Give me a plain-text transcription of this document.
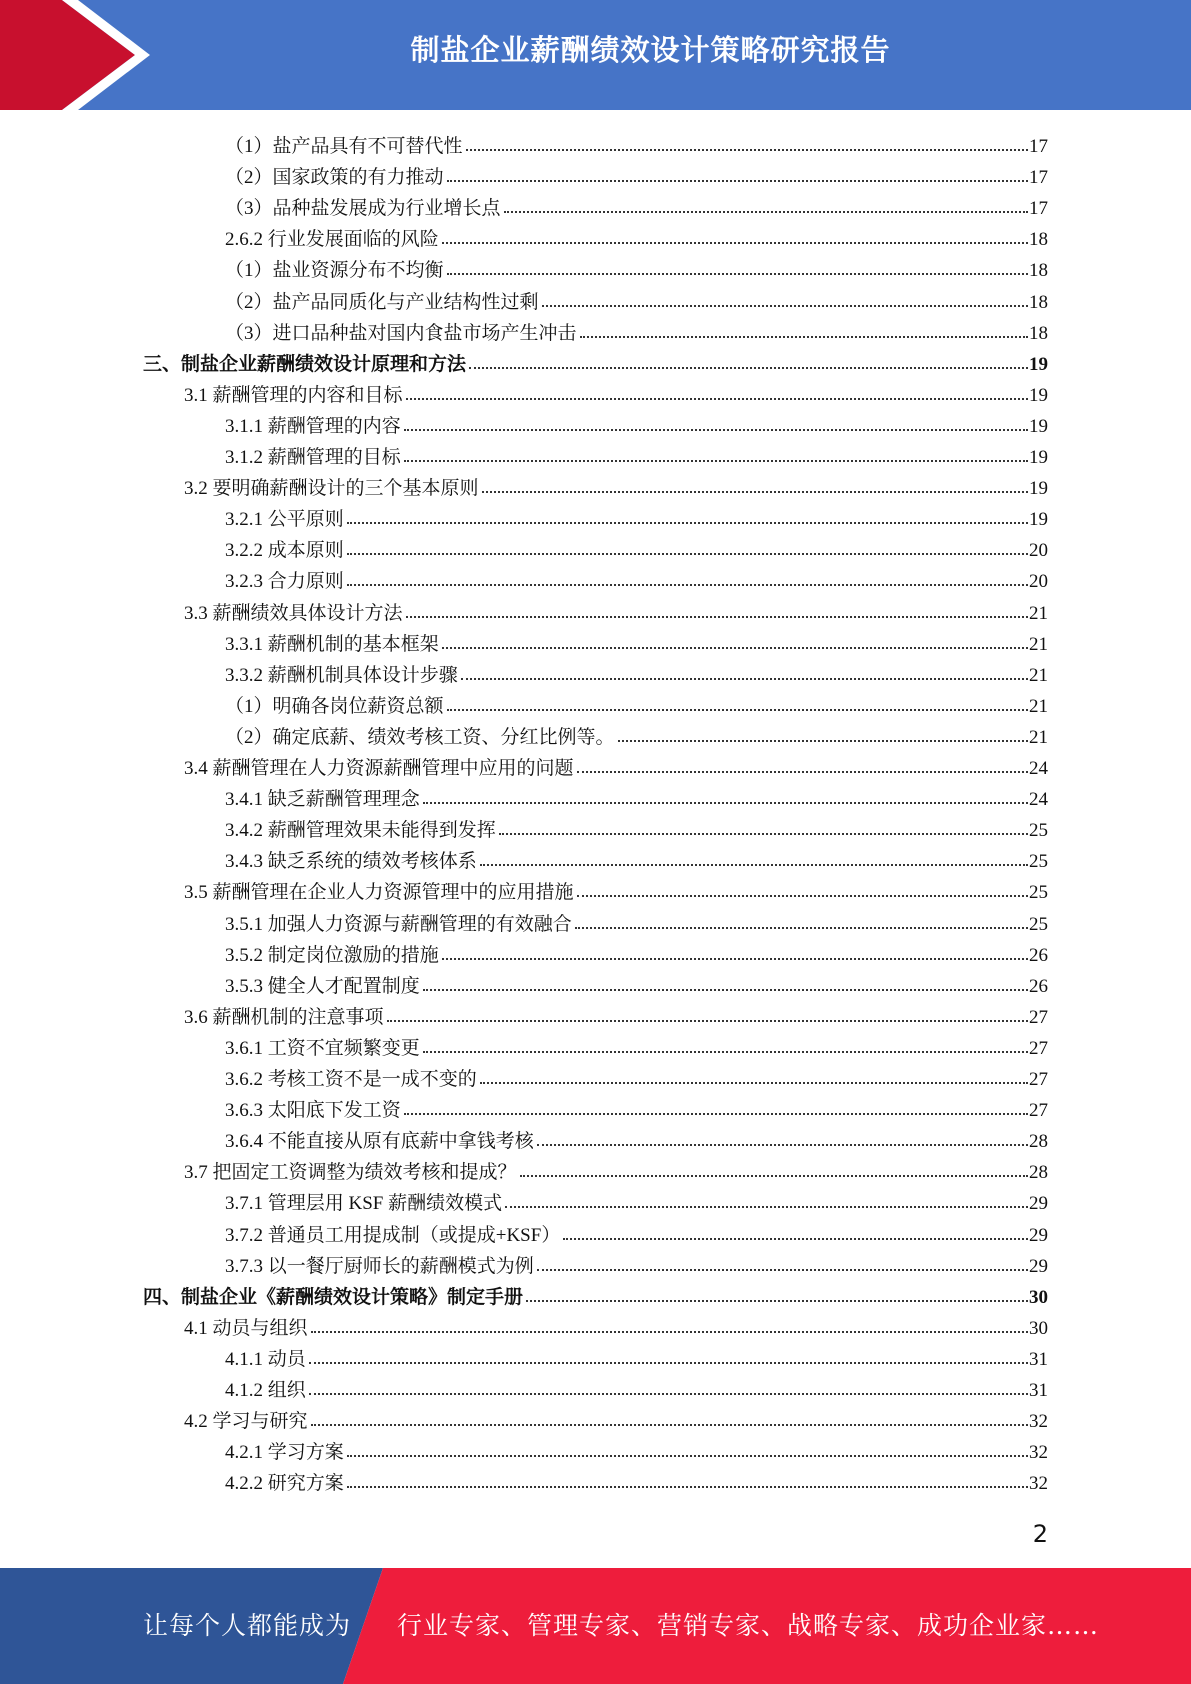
制盐企业薪酬绩效设计策略研究报告
（1）盐产品具有不可替代性	17
（2）国家政策的有力推动	17
（3）品种盐发展成为行业增长点	17
2.6.2 行业发展面临的风险	18
（1）盐业资源分布不均衡	18
（2）盐产品同质化与产业结构性过剩	18
（3）进口品种盐对国内食盐市场产生冲击	18
三、制盐企业薪酬绩效设计原理和方法	19
3.1 薪酬管理的内容和目标	19
3.1.1 薪酬管理的内容	19
3.1.2 薪酬管理的目标	19
3.2 要明确薪酬设计的三个基本原则	19
3.2.1 公平原则	19
3.2.2 成本原则	20
3.2.3 合力原则	20
3.3 薪酬绩效具体设计方法	21
3.3.1 薪酬机制的基本框架	21
3.3.2 薪酬机制具体设计步骤	21
（1）明确各岗位薪资总额	21
（2）确定底薪、绩效考核工资、分红比例等。	21
3.4 薪酬管理在人力资源薪酬管理中应用的问题	24
3.4.1 缺乏薪酬管理理念	24
3.4.2 薪酬管理效果未能得到发挥	25
3.4.3 缺乏系统的绩效考核体系	25
3.5 薪酬管理在企业人力资源管理中的应用措施	25
3.5.1 加强人力资源与薪酬管理的有效融合	25
3.5.2 制定岗位激励的措施	26
3.5.3 健全人才配置制度	26
3.6 薪酬机制的注意事项	27
3.6.1 工资不宜频繁变更	27
3.6.2 考核工资不是一成不变的	27
3.6.3 太阳底下发工资	27
3.6.4 不能直接从原有底薪中拿钱考核	28
3.7 把固定工资调整为绩效考核和提成？	28
3.7.1 管理层用 KSF 薪酬绩效模式	29
3.7.2 普通员工用提成制（或提成+KSF）	29
3.7.3 以一餐厅厨师长的薪酬模式为例	29
四、制盐企业《薪酬绩效设计策略》制定手册	30
4.1 动员与组织	30
4.1.1 动员	31
4.1.2 组织	31
4.2 学习与研究	32
4.2.1 学习方案	32
4.2.2 研究方案	32
2
让每个人都能成为 行业专家、管理专家、营销专家、战略专家、成功企业家……
